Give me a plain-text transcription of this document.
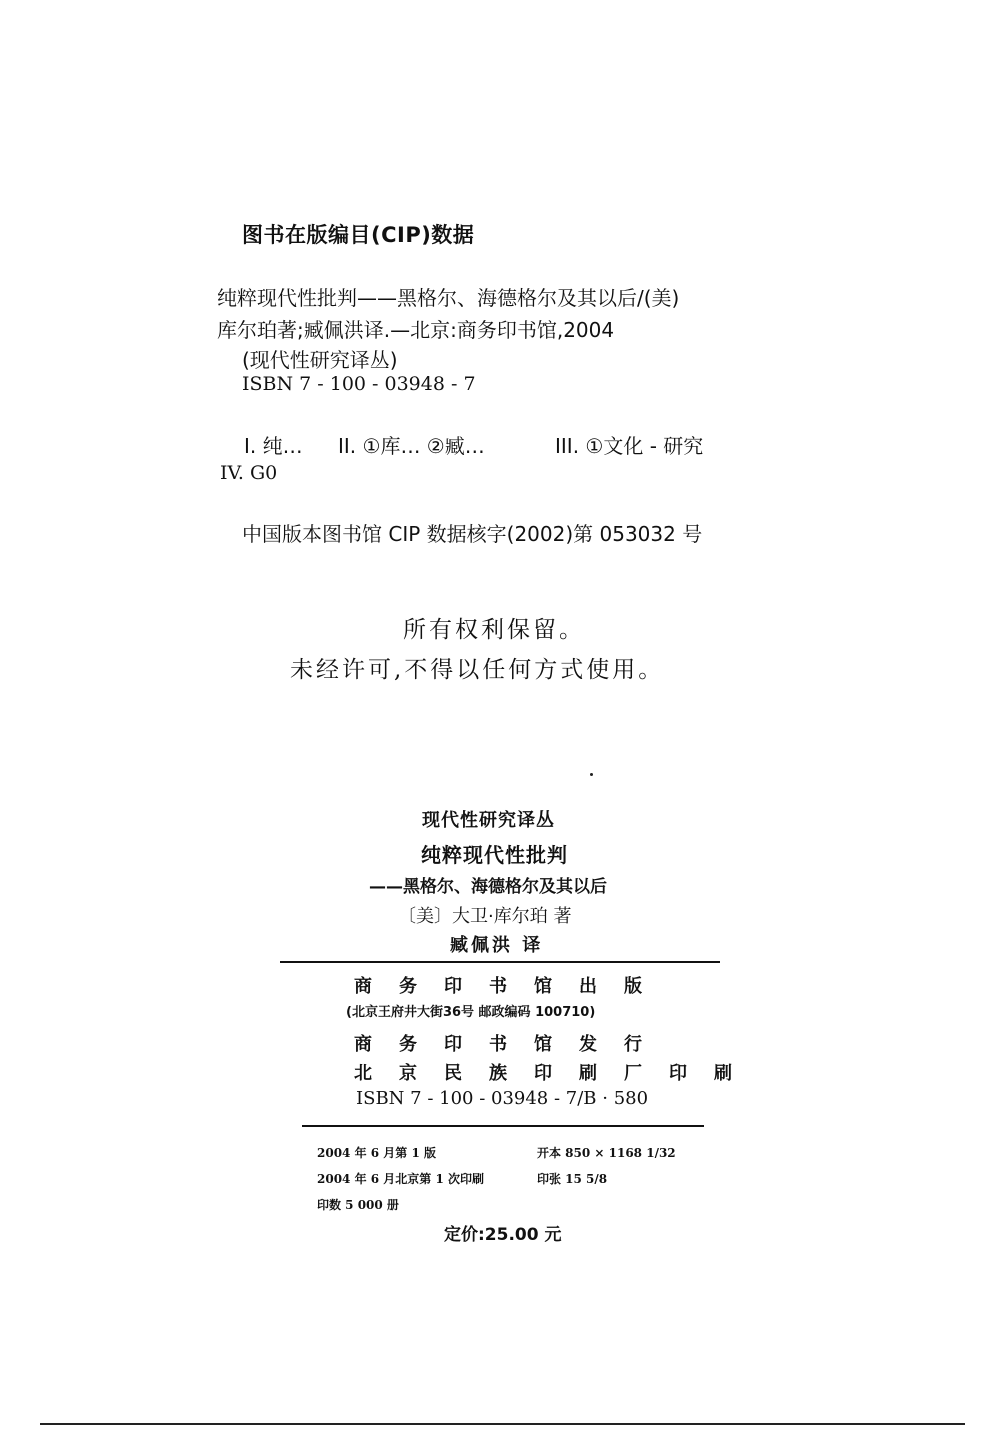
图书在版编目(CIP)数据
纯粹现代性批判——黑格尔、海德格尔及其以后/(美)
库尔珀著;臧佩洪译.—北京:商务印书馆,2004
(现代性研究译丛)
ISBN 7 - 100 - 03948 - 7
I. 纯… II. ①库… ②臧…	III. ①文化 - 研究
IV. G0
中国版本图书馆 CIP 数据核字(2002)第 053032 号
所有权利保留。
未经许可,不得以任何方式使用。
现代性研究译丛
纯粹现代性批判
——黑格尔、海德格尔及其以后
〔美〕大卫·库尔珀 著
臧佩洪 译
商务印书馆出版
(北京王府井大街36号 邮政编码 100710)
商务印书馆发行
北京民族印刷厂印刷
ISBN 7 - 100 - 03948 - 7/B · 580
2004 年 6 月第 1 版	开本 850 × 1168 1/32
2004 年 6 月北京第 1 次印刷	印张 15 5/8
印数 5 000 册
定价:25.00 元
